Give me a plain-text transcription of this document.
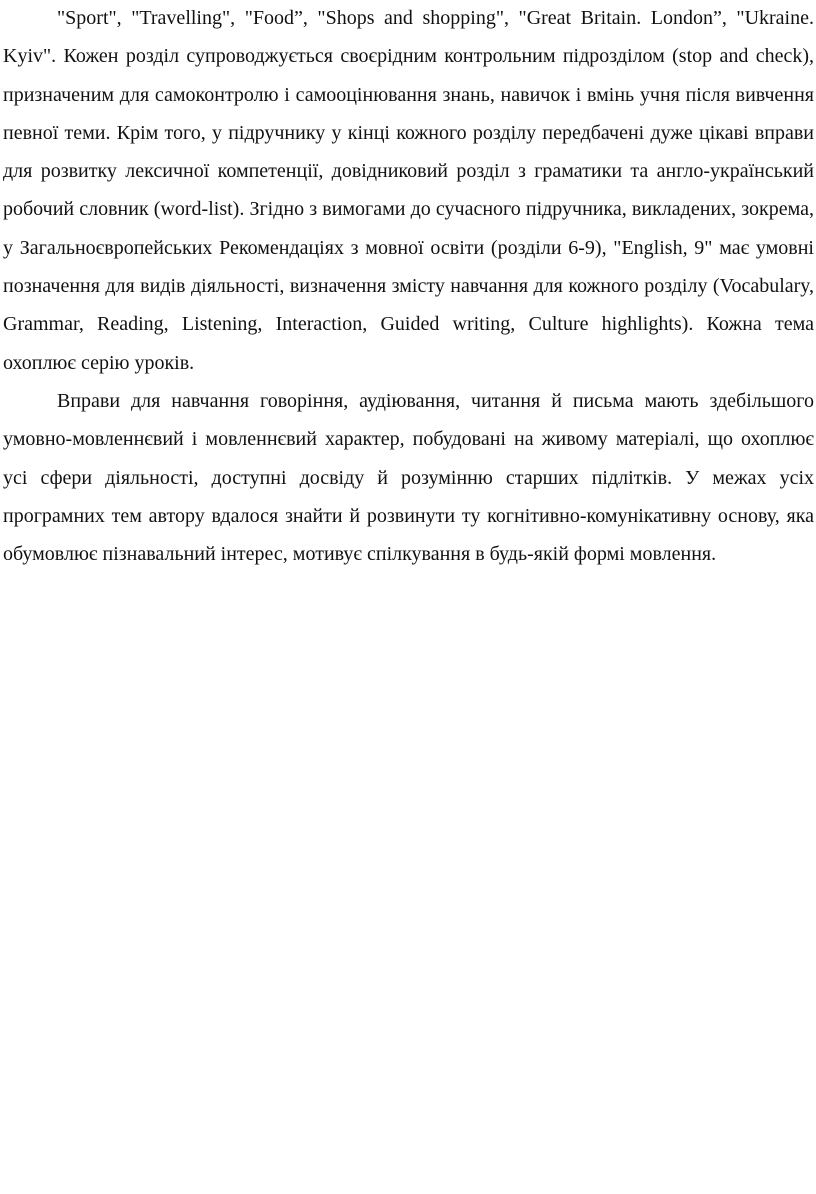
"Sport", "Travelling", "Food”, "Shops and shopping", "Great Britain. London”, "Ukraine. Kyiv". Кожен розділ супроводжується своєрідним контрольним підрозділом (stop and check), призначеним для самоконтролю і самооцінювання знань, навичок і вмінь учня після вивчення певної теми. Крім того, у підручнику у кінці кожного розділу передбачені дуже цікаві вправи для розвитку лексичної компетенції, довідниковий розділ з граматики та англо-український робочий словник (word-list). Згідно з вимогами до сучасного підручника, викладених, зокрема, у Загальноєвропейських Рекомендаціях з мовної освіти (розділи 6-9), "English, 9" має умовні позначення для видів діяльності, визначення змісту навчання для кожного розділу (Vocabulary, Grammar, Reading, Listening, Interaction, Guided writing, Culture highlights). Кожна тема охоплює серію уроків.

Вправи для навчання говоріння, аудіювання, читання й письма мають здебільшого умовно-мовленнєвий і мовленнєвий характер, побудовані на живому матеріалі, що охоплює усі сфери діяльності, доступні досвіду й розумінню старших підлітків. У межах усіх програмних тем автору вдалося знайти й розвинути ту когнітивно-комунікативну основу, яка обумовлює пізнавальний інтерес, мотивує спілкування в будь-якій формі мовлення.
